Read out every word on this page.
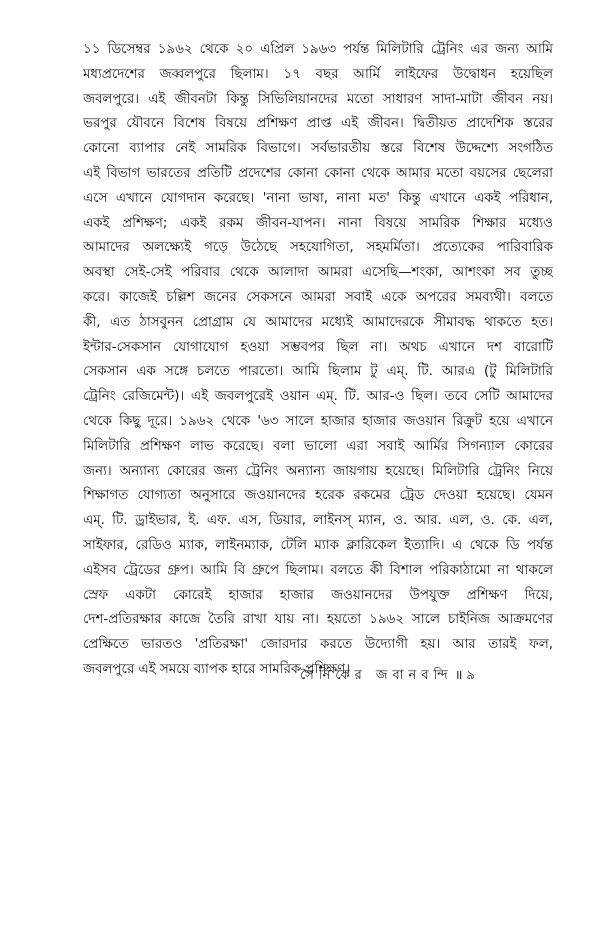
১১ ডিসেম্বর ১৯৬২ থেকে ২০ এপ্রিল ১৯৬৩ পর্যন্ত মিলিটারি ট্রেনিং এর জন্য আমি
মধ্যপ্রদেশের জব্বলপুরে ছিলাম। ১৭ বছর আর্মি লাইফের উদ্বোধন হয়েছিল
জবলপুরে। এই জীবনটা কিন্তু সিভিলিয়ানদের মতো সাধারণ সাদা-মাটা জীবন নয়।
ভরপুর যৌবনে বিশেষ বিষয়ে প্রশিক্ষণ প্রাপ্ত এই জীবন। দ্বিতীয়ত প্রাদেশিক স্তরের
কোনো ব্যাপার নেই সামরিক বিভাগে। সর্বভারতীয় স্তরে বিশেষ উদ্দেশ্যে সংগঠিত
এই বিভাগ ভারতের প্রতিটি প্রদেশের কোনা কোনা থেকে আমার মতো বয়সের ছেলেরা
এসে এখানে যোগদান করেছে। 'নানা ভাষা, নানা মত' কিন্তু এখানে একই পরিধান,
একই প্রশিক্ষণ; একই রকম জীবন-যাপন। নানা বিষয়ে সামরিক শিক্ষার মধ্যেও
আমাদের অলক্ষ্যেই গড়ে উঠেছে সহযোগিতা, সহমর্মিতা। প্রত্যেকের পারিবারিক
অবস্থা সেই-সেই পরিবার থেকে আলাদা আমরা এসেছি—শংকা, আশংকা সব তুচ্ছ
করে। কাজেই চল্লিশ জনের সেকসনে আমরা সবাই একে অপরের সমব্যথী। বলতে
কী, এত ঠাসবুনন প্রোগ্রাম যে আমাদের মধ্যেই আমাদেরকে সীমাবদ্ধ থাকতে হত।
ইন্টার-সেকসান যোগাযোগ হওয়া সম্ভবপর ছিল না। অথচ এখানে দশ বারোটি
সেকসান এক সঙ্গে চলতে পারতো। আমি ছিলাম টু এম্. টি. আরএ (টু মিলিটারি
ট্রেনিং রেজিমেন্ট)। এই জবলপুরেই ওয়ান এম্. টি. আর-ও ছিল। তবে সেটি আমাদের
থেকে কিছু দূরে। ১৯৬২ থেকে '৬৩ সালে হাজার হাজার জওয়ান রিক্রুট হয়ে এখানে
মিলিটারি প্রশিক্ষণ লাভ করেছে। বলা ভালো এরা সবাই আর্মির সিগন্যাল কোরের
জন্য। অন্যান্য কোরের জন্য ট্রেনিং অন্যান্য জায়গায় হয়েছে। মিলিটারি ট্রেনিং নিয়ে
শিক্ষাগত যোগ্যতা অনুসারে জওয়ানদের হরেক রকমের ট্রেড দেওয়া হয়েছে। যেমন
এম্. টি. ড্রাইভার, ই. এফ. এস, ডিয়ার, লাইনস্ ম্যান, ও. আর. এল, ও. কে. এল,
সাইফার, রেডিও ম্যাক, লাইনম্যাক, টেলি ম্যাক ক্লারিকেল ইত্যাদি। এ থেকে ডি পর্যন্ত
এইসব ট্রেডের গ্রুপ। আমি বি গ্রুপে ছিলাম। বলতে কী বিশাল পরিকাঠামো না থাকলে
স্রেফ একটা কোরেই হাজার হাজার জওয়ানদের উপযুক্ত প্রশিক্ষণ দিয়ে,
দেশ-প্রতিরক্ষার কাজে তৈরি রাখা যায় না। হয়তো ১৯৬২ সালে চাইনিজ আক্রমণের
প্রেক্ষিতে ভারতও 'প্রতিরক্ষা' জোরদার করতে উদ্যোগী হয়। আর তারই ফল,
জবলপুরে এই সময়ে ব্যাপক হারে সামরিক প্রশিক্ষণ।
সৈনিকের জবানবন্দি ॥ ৯
